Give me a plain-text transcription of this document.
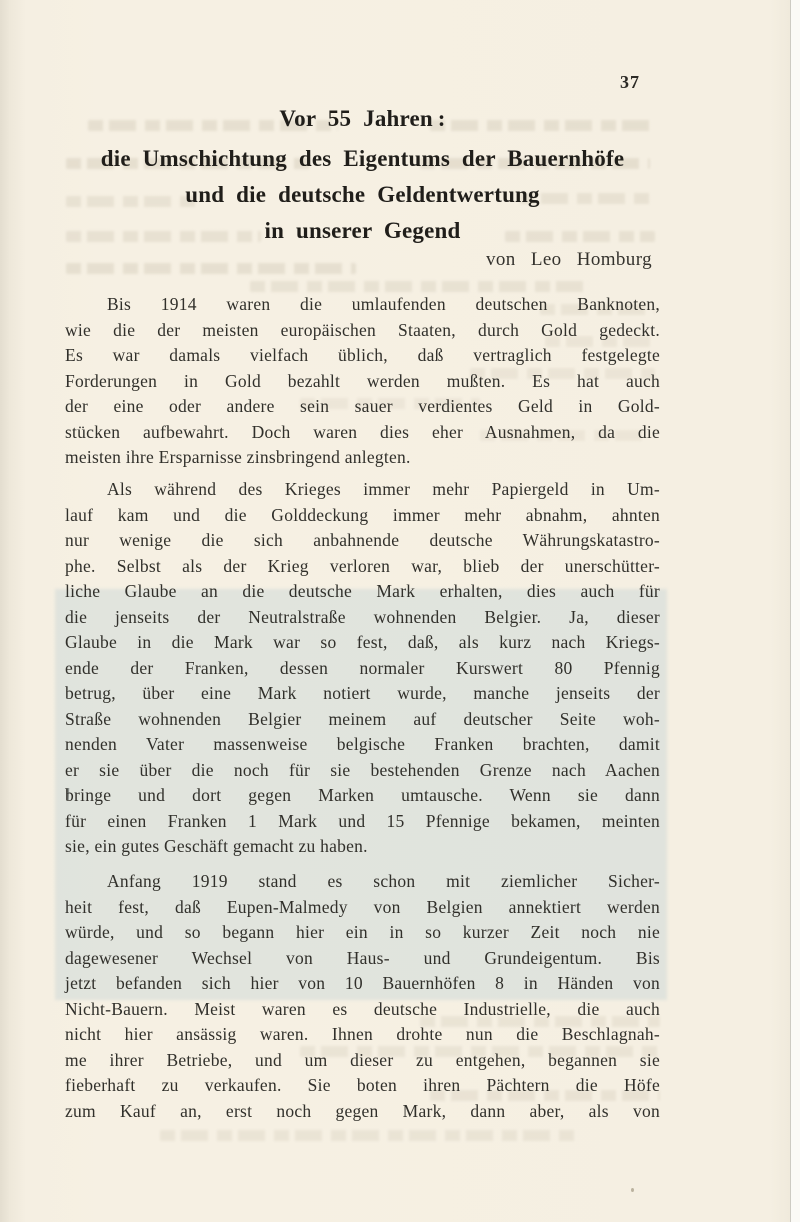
37
Vor 55 Jahren :
die Umschichtung des Eigentums der Bauernhöfe
und die deutsche Geldentwertung
in unserer Gegend
von Leo Homburg
Bis 1914 waren die umlaufenden deutschen Banknoten,
wie die der meisten europäischen Staaten, durch Gold gedeckt.
Es war damals vielfach üblich, daß vertraglich festgelegte
Forderungen in Gold bezahlt werden mußten. Es hat auch
der eine oder andere sein sauer verdientes Geld in Gold-
stücken aufbewahrt. Doch waren dies eher Ausnahmen, da die
meisten ihre Ersparnisse zinsbringend anlegten.
Als während des Krieges immer mehr Papiergeld in Um-
lauf kam und die Golddeckung immer mehr abnahm, ahnten
nur wenige die sich anbahnende deutsche Währungskatastro-
phe. Selbst als der Krieg verloren war, blieb der unerschütter-
liche Glaube an die deutsche Mark erhalten, dies auch für
die jenseits der Neutralstraße wohnenden Belgier. Ja, dieser
Glaube in die Mark war so fest, daß, als kurz nach Kriegs-
ende der Franken, dessen normaler Kurswert 80 Pfennig
betrug, über eine Mark notiert wurde, manche jenseits der
Straße wohnenden Belgier meinem auf deutscher Seite woh-
nenden Vater massenweise belgische Franken brachten, damit
er sie über die noch für sie bestehenden Grenze nach Aachen
bringe und dort gegen Marken umtausche. Wenn sie dann
für einen Franken 1 Mark und 15 Pfennige bekamen, meinten
sie, ein gutes Geschäft gemacht zu haben.
Anfang 1919 stand es schon mit ziemlicher Sicher-
heit fest, daß Eupen-Malmedy von Belgien annektiert werden
würde, und so begann hier ein in so kurzer Zeit noch nie
dagewesener Wechsel von Haus- und Grundeigentum. Bis
jetzt befanden sich hier von 10 Bauernhöfen 8 in Händen von
Nicht-Bauern. Meist waren es deutsche Industrielle, die auch
nicht hier ansässig waren. Ihnen drohte nun die Beschlagnah-
me ihrer Betriebe, und um dieser zu entgehen, begannen sie
fieberhaft zu verkaufen. Sie boten ihren Pächtern die Höfe
zum Kauf an, erst noch gegen Mark, dann aber, als von
